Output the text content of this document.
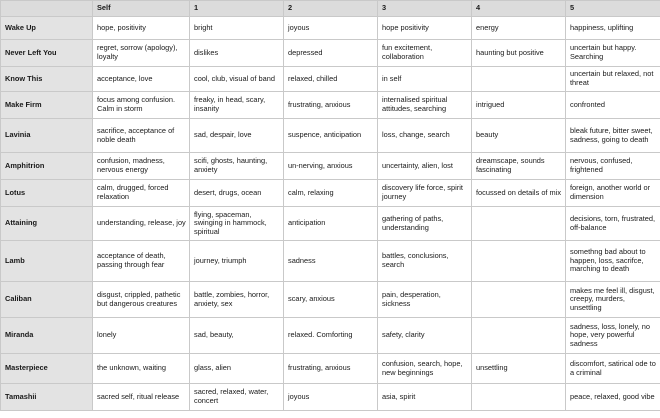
	Self	1	2	3	4	5
Wake Up	hope, positivity	bright	joyous	hope positivity	energy	happiness, uplifting
Never Left You	regret, sorrow (apology), loyalty	dislikes	depressed	fun excitement, collaboration	haunting but positive	uncertain but happy. Searching
Know This	acceptance, love	cool, club, visual of band	relaxed, chilled	in self		uncertain but relaxed, not threat
Make Firm	focus among confusion. Calm in storm	freaky, in head, scary, insanity	frustrating, anxious	internalised spiritual attitudes, searching	intrigued	confronted
Lavinia	sacrifice, acceptance of noble death	sad, despair, love	suspence, anticipation	loss, change, search	beauty	bleak future, bitter sweet, sadness, going to death
Amphitrion	confusion, madness, nervous energy	scifi, ghosts, haunting, anxiety	un-nerving, anxious	uncertainty, alien, lost	dreamscape, sounds fascinating	nervous, confused, frightened
Lotus	calm, drugged, forced relaxation	desert, drugs, ocean	calm, relaxing	discovery life force, spirit journey	focussed on details of mix	foreign, another world or dimension
Attaining	understanding, release, joy	flying, spaceman, swinging in hammock, spiritual	anticipation	gathering of paths, understanding		decisions, torn, frustrated, off-balance
Lamb	acceptance of death, passing through fear	journey, triumph	sadness	battles, conclusions, search		somethng bad about to happen, loss, sacrifce, marching to death
Caliban	disgust, crippled, pathetic but dangerous creatures	battle, zombies, horror, anxiety, sex	scary, anxious	pain, desperation, sickness		makes me feel ill, disgust, creepy, murders, unsettling
Miranda	lonely	sad, beauty,	relaxed. Comforting	safety, clarity		sadness, loss, lonely, no hope, very powerful sadness
Masterpiece	the unknown, waiting	glass, alien	frustrating, anxious	confusion, search, hope, new beginnings	unsettling	discomfort, satirical ode to a criminal
Tamashii	sacred self, ritual release	sacred, relaxed, water, concert	joyous	asia, spirit		peace, relaxed, good vibe
